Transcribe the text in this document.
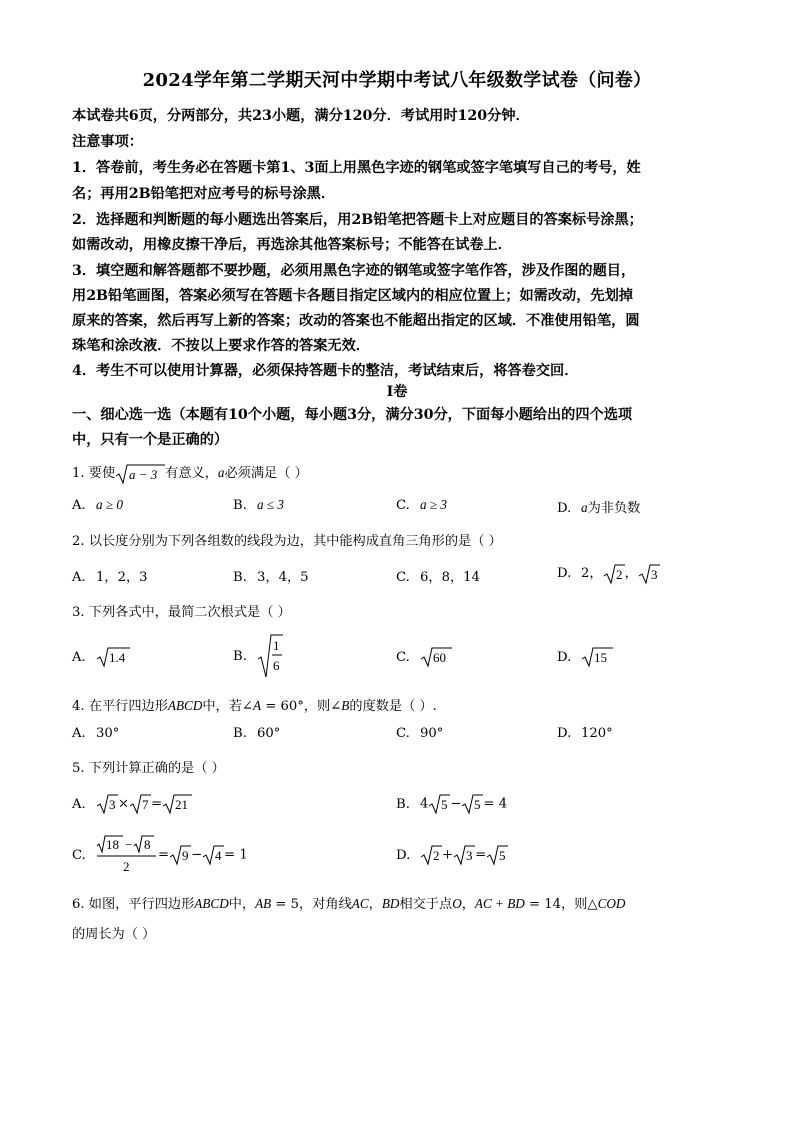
2024学年第二学期天河中学期中考试八年级数学试卷（问卷）
本试卷共6页，分两部分，共23小题，满分120分．考试用时120分钟．
注意事项：
1．答卷前，考生务必在答题卡第1、3面上用黑色字迹的钢笔或签字笔填写自己的考号，姓
名；再用2B铅笔把对应考号的标号涂黑．
2．选择题和判断题的每小题选出答案后，用2B铅笔把答题卡上对应题目的答案标号涂黑；
如需改动，用橡皮擦干净后，再选涂其他答案标号；不能答在试卷上．
3．填空题和解答题都不要抄题，必须用黑色字迹的钢笔或签字笔作答，涉及作图的题目，
用2B铅笔画图，答案必须写在答题卡各题目指定区域内的相应位置上；如需改动，先划掉
原来的答案，然后再写上新的答案；改动的答案也不能超出指定的区域．不准使用铅笔，圆
珠笔和涂改液．不按以上要求作答的答案无效．
4．考生不可以使用计算器，必须保持答题卡的整洁，考试结束后，将答卷交回．
Ⅰ卷
一、细心选一选（本题有10个小题，每小题3分，满分30分，下面每小题给出的四个选项
中，只有一个是正确的）
1. 要使 a − 3 有意义，a必须满足（ ）
A. a ≥ 0	B. a ≤ 3	C. a ≥ 3	D. a为非负数
2. 以长度分别为下列各组数的线段为边，其中能构成直角三角形的是（ ）
A. 1，2，3	B. 3，4，5	C. 6，8，14	D. 2， 2 ， 3
3. 下列各式中，最简二次根式是（ ）
A. 1.4	B.
1
6
C. 60	D. 15
4. 在平行四边形ABCD中，若∠A = 60°，则∠B的度数是（ ）.
A. 30°	B. 60°	C. 90°	D. 120°
5. 下列计算正确的是（ ）
A. 3 × 7 = 21	B. 4 5 − 5 = 4
C.
18 − 8
2
= 9 − 4 = 1	D. 2 + 3 = 5
6. 如图，平行四边形ABCD中，AB = 5，对角线AC，BD相交于点O，AC + BD = 14，则△COD
的周长为（ ）
